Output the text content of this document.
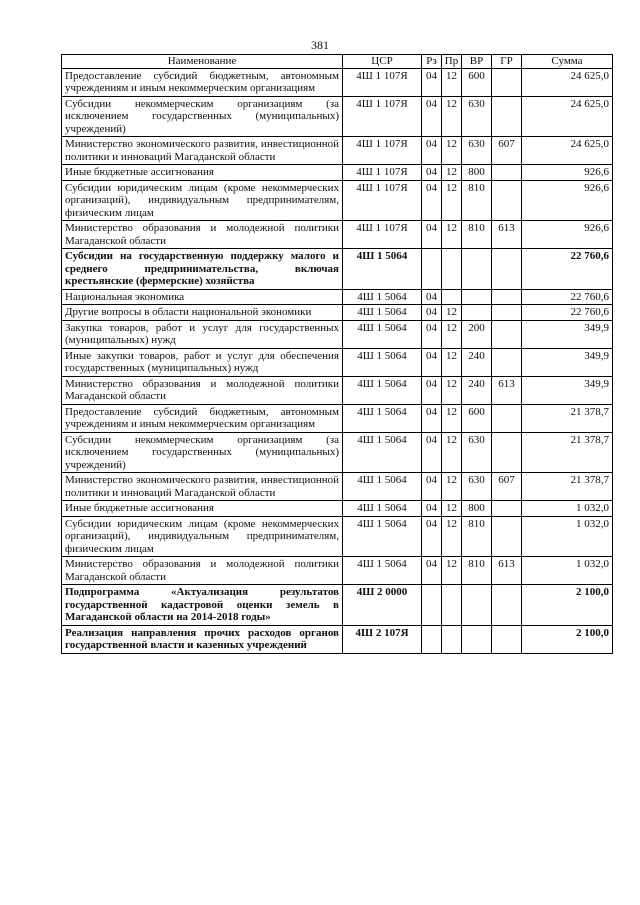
381
Наименование	ЦСР	Рз	Пр	ВР	ГР	Сумма
Предоставление субсидий бюджетным, автономным учреждениям и иным некоммерческим организациям	4Ш 1 107Я	04	12	600		24 625,0
Субсидии некоммерческим организациям (за исключением государственных (муниципальных) учреждений)	4Ш 1 107Я	04	12	630		24 625,0
Министерство экономического развития, инвестиционной политики и инноваций Магаданской области	4Ш 1 107Я	04	12	630	607	24 625,0
Иные бюджетные ассигнования	4Ш 1 107Я	04	12	800		926,6
Субсидии юридическим лицам (кроме некоммерческих организаций), индивидуальным предпринимателям, физическим лицам	4Ш 1 107Я	04	12	810		926,6
Министерство образования и молодежной политики Магаданской области	4Ш 1 107Я	04	12	810	613	926,6
Субсидии на государственную поддержку малого и среднего предпринимательства, включая крестьянские (фермерские) хозяйства	4Ш 1 5064					22 760,6
Национальная экономика	4Ш 1 5064	04				22 760,6
Другие вопросы в области национальной экономики	4Ш 1 5064	04	12			22 760,6
Закупка товаров, работ и услуг для государственных (муниципальных) нужд	4Ш 1 5064	04	12	200		349,9
Иные закупки товаров, работ и услуг для обеспечения государственных (муниципальных) нужд	4Ш 1 5064	04	12	240		349,9
Министерство образования и молодежной политики Магаданской области	4Ш 1 5064	04	12	240	613	349,9
Предоставление субсидий бюджетным, автономным учреждениям и иным некоммерческим организациям	4Ш 1 5064	04	12	600		21 378,7
Субсидии некоммерческим организациям (за исключением государственных (муниципальных) учреждений)	4Ш 1 5064	04	12	630		21 378,7
Министерство экономического развития, инвестиционной политики и инноваций Магаданской области	4Ш 1 5064	04	12	630	607	21 378,7
Иные бюджетные ассигнования	4Ш 1 5064	04	12	800		1 032,0
Субсидии юридическим лицам (кроме некоммерческих организаций), индивидуальным предпринимателям, физическим лицам	4Ш 1 5064	04	12	810		1 032,0
Министерство образования и молодежной политики Магаданской области	4Ш 1 5064	04	12	810	613	1 032,0
Подпрограмма «Актуализация результатов государственной кадастровой оценки земель в Магаданской области на 2014-2018 годы»	4Ш 2 0000					2 100,0
Реализация направления прочих расходов органов государственной власти и казенных учреждений	4Ш 2 107Я					2 100,0
